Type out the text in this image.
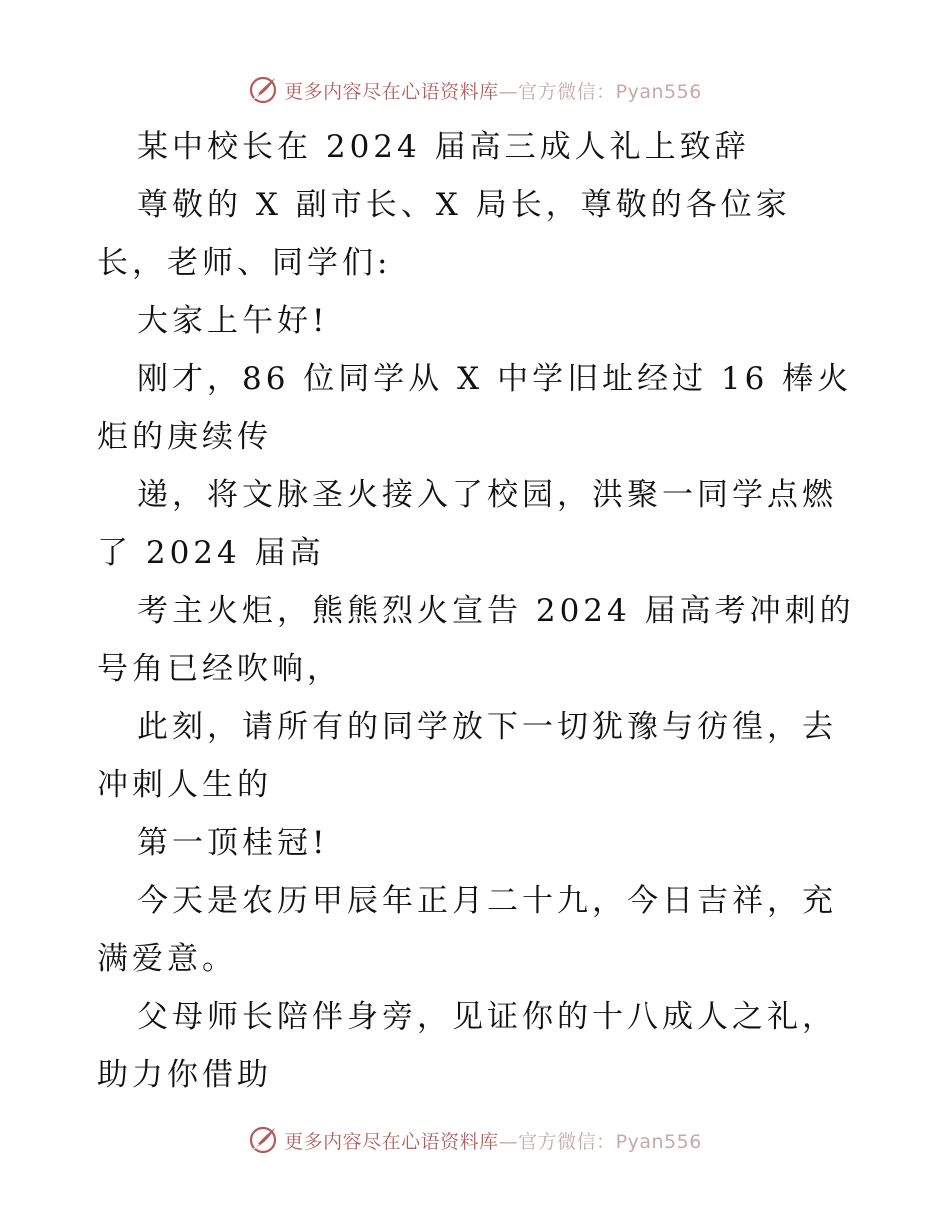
更多内容尽在心语资料库—官方微信：Pyan556

某中校长在 2024 届高三成人礼上致辞

尊敬的 X 副市长、X 局长，尊敬的各位家长，老师、同学们:

大家上午好!

刚才，86 位同学从 X 中学旧址经过 16 棒火炬的庚续传

递，将文脉圣火接入了校园，洪聚一同学点燃了 2024 届高

考主火炬，熊熊烈火宣告 2024 届高考冲刺的号角已经吹响，

此刻，请所有的同学放下一切犹豫与彷徨，去冲刺人生的

第一顶桂冠!

今天是农历甲辰年正月二十九，今日吉祥，充满爱意。

父母师长陪伴身旁，见证你的十八成人之礼，助力你借助

更多内容尽在心语资料库—官方微信：Pyan556
